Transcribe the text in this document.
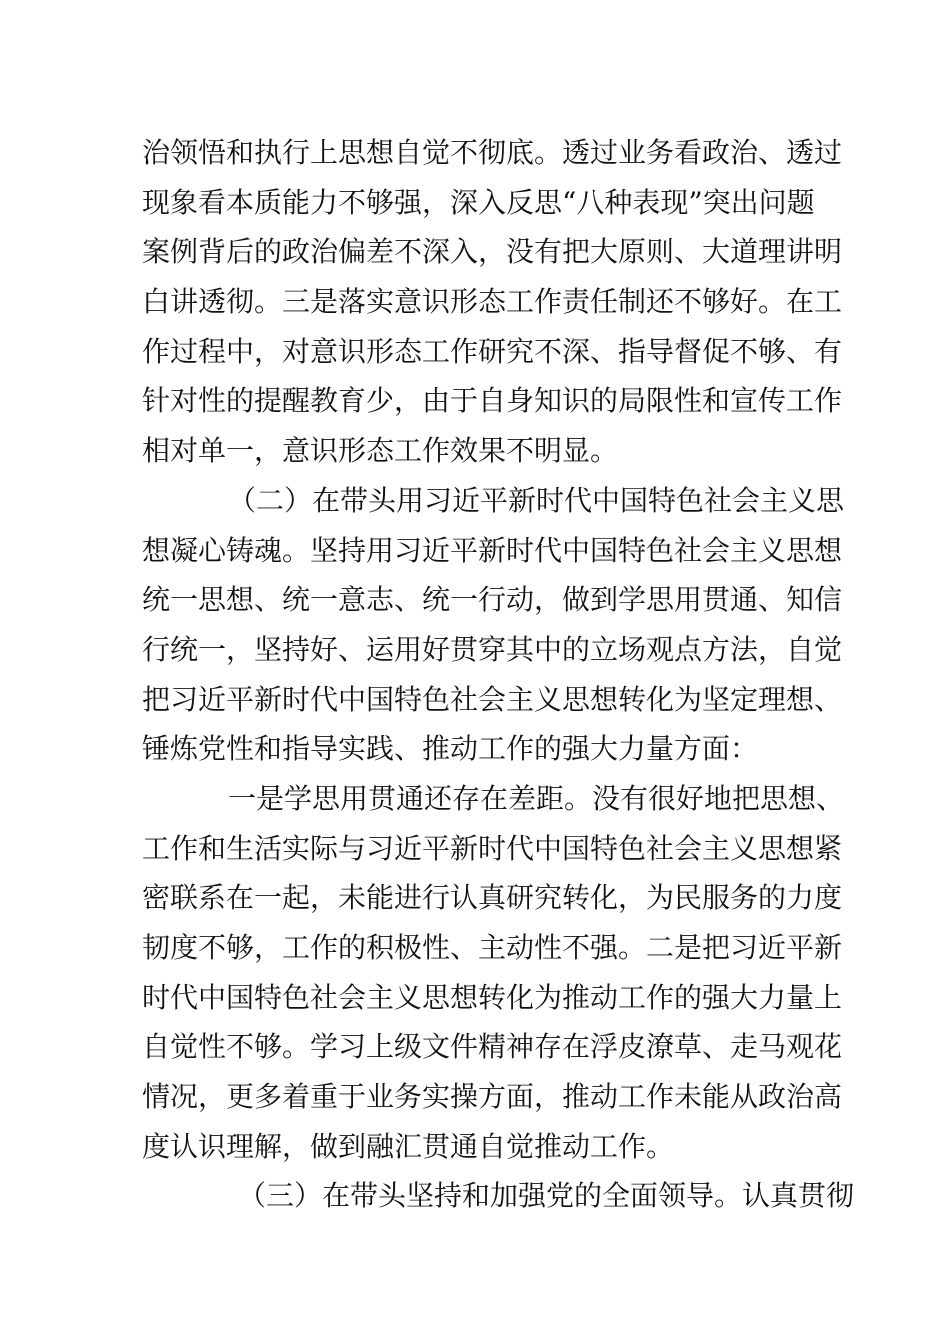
治领悟和执行上思想自觉不彻底。透过业务看政治、透过
现象看本质能力不够强，深入反思“八种表现”突出问题
案例背后的政治偏差不深入，没有把大原则、大道理讲明
白讲透彻。三是落实意识形态工作责任制还不够好。在工
作过程中，对意识形态工作研究不深、指导督促不够、有
针对性的提醒教育少，由于自身知识的局限性和宣传工作
相对单一，意识形态工作效果不明显。
（二）在带头用习近平新时代中国特色社会主义思
想凝心铸魂。坚持用习近平新时代中国特色社会主义思想
统一思想、统一意志、统一行动，做到学思用贯通、知信
行统一，坚持好、运用好贯穿其中的立场观点方法，自觉
把习近平新时代中国特色社会主义思想转化为坚定理想、
锤炼党性和指导实践、推动工作的强大力量方面：
一是学思用贯通还存在差距。没有很好地把思想、
工作和生活实际与习近平新时代中国特色社会主义思想紧
密联系在一起，未能进行认真研究转化，为民服务的力度
韧度不够，工作的积极性、主动性不强。二是把习近平新
时代中国特色社会主义思想转化为推动工作的强大力量上
自觉性不够。学习上级文件精神存在浮皮潦草、走马观花
情况，更多着重于业务实操方面，推动工作未能从政治高
度认识理解，做到融汇贯通自觉推动工作。
（三）在带头坚持和加强党的全面领导。认真贯彻
